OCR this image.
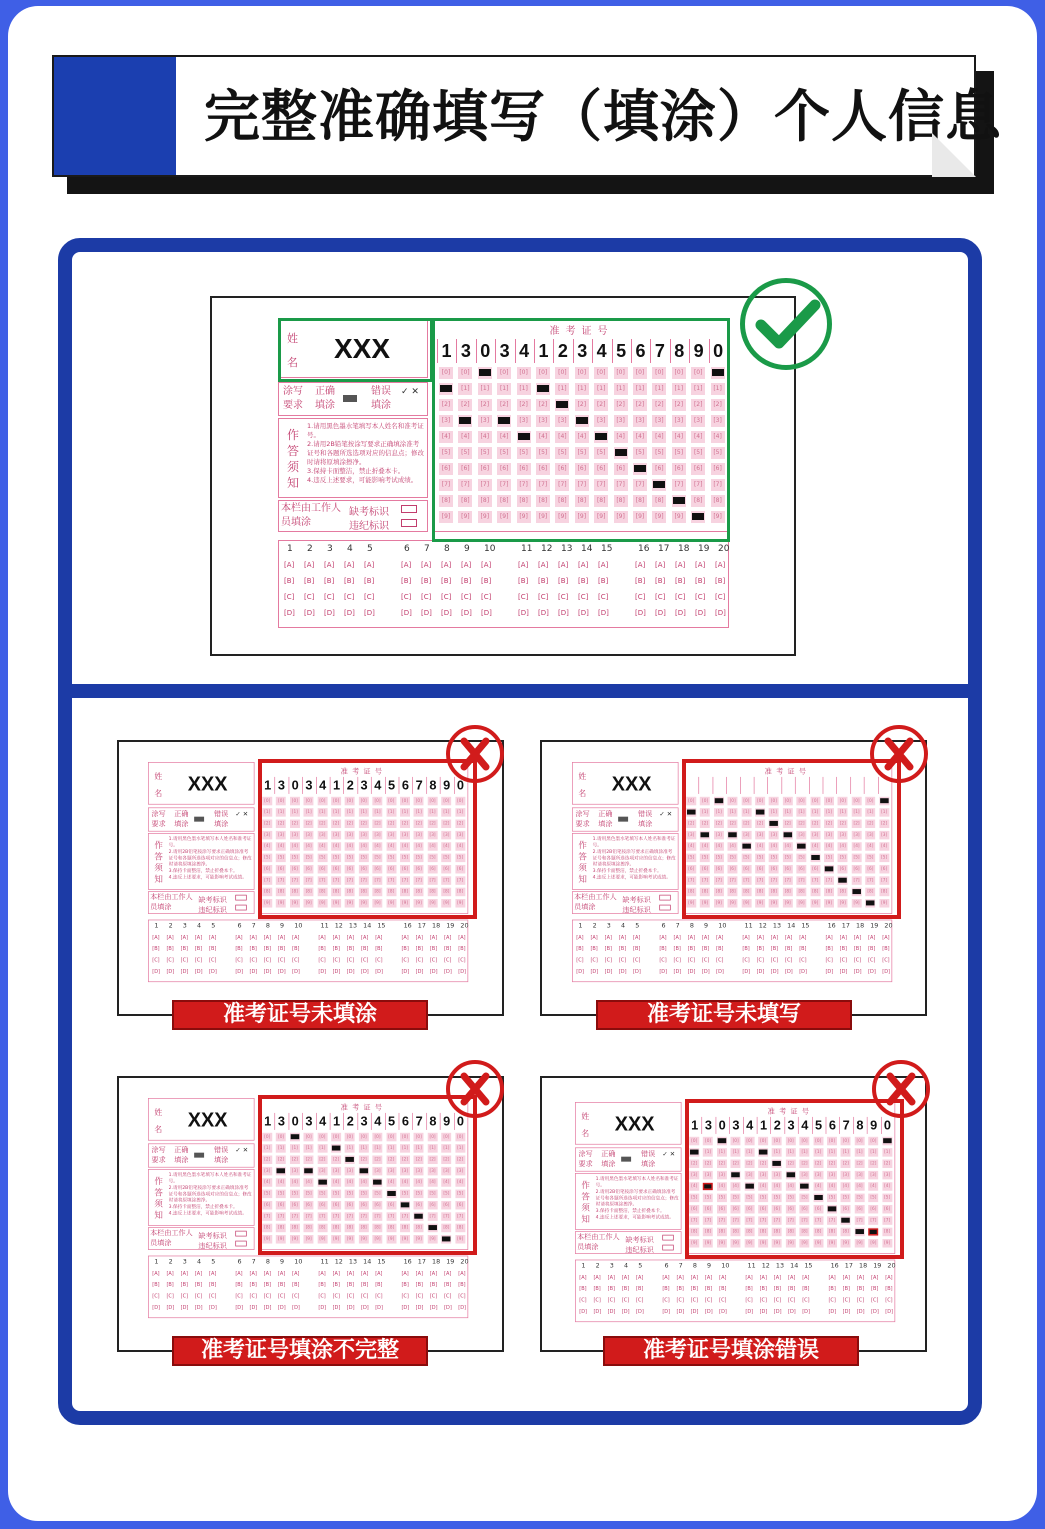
完整准确填写（填涂）个人信息
姓 名 XXX
涂写要求
正确填涂
错误填涂
✓ ✕
作答须知
1.请用黑色墨水笔填写本人姓名和准考证号。
2.请用2B铅笔按涂写要求正确填涂准考证号和各题所选选项对应的信息点；修改时请将原填涂擦净。
3.保持卡面整洁，禁止折叠本卡。
4.违反上述要求，可能影响考试成绩。
本栏由工作人员填涂
缺考标识
违纪标识
准考证号
1 3 0 3 4 1 2 3 4 5 6 7 8 9 0
[0]
[2]
[3]
[4]
[5]
[6]
[7]
[8]
[9]
[0]
[1]
[2]
[4]
[5]
[6]
[7]
[8]
[9]
[1]
[2]
[3]
[4]
[5]
[6]
[7]
[8]
[9]
[0]
[1]
[2]
[4]
[5]
[6]
[7]
[8]
[9]
[0]
[1]
[2]
[3]
[5]
[6]
[7]
[8]
[9]
[0]
[2]
[3]
[4]
[5]
[6]
[7]
[8]
[9]
[0]
[1]
[3]
[4]
[5]
[6]
[7]
[8]
[9]
[0]
[1]
[2]
[4]
[5]
[6]
[7]
[8]
[9]
[0]
[1]
[2]
[3]
[5]
[6]
[7]
[8]
[9]
[0]
[1]
[2]
[3]
[4]
[6]
[7]
[8]
[9]
[0]
[1]
[2]
[3]
[4]
[5]
[7]
[8]
[9]
[0]
[1]
[2]
[3]
[4]
[5]
[6]
[8]
[9]
[0]
[1]
[2]
[3]
[4]
[5]
[6]
[7]
[9]
[0]
[1]
[2]
[3]
[4]
[5]
[6]
[7]
[8]
[1]
[2]
[3]
[4]
[5]
[6]
[7]
[8]
[9]
1
[A]
[B]
[C]
[D]
2
[A]
[B]
[C]
[D]
3
[A]
[B]
[C]
[D]
4
[A]
[B]
[C]
[D]
5
[A]
[B]
[C]
[D]
6
[A]
[B]
[C]
[D]
7
[A]
[B]
[C]
[D]
8
[A]
[B]
[C]
[D]
9
[A]
[B]
[C]
[D]
10
[A]
[B]
[C]
[D]
11
[A]
[B]
[C]
[D]
12
[A]
[B]
[C]
[D]
13
[A]
[B]
[C]
[D]
14
[A]
[B]
[C]
[D]
15
[A]
[B]
[C]
[D]
16
[A]
[B]
[C]
[D]
17
[A]
[B]
[C]
[D]
18
[A]
[B]
[C]
[D]
19
[A]
[B]
[C]
[D]
20
[A]
[B]
[C]
[D]
姓 名 XXX
涂写要求
正确填涂
错误填涂
✓ ✕
作答须知
1.请用黑色墨水笔填写本人姓名和准考证号。
2.请用2B铅笔按涂写要求正确填涂准考证号和各题所选选项对应的信息点；修改时请将原填涂擦净。
3.保持卡面整洁，禁止折叠本卡。
4.违反上述要求，可能影响考试成绩。
本栏由工作人员填涂
缺考标识
违纪标识
准考证号
1 3 0 3 4 1 2 3 4 5 6 7 8 9 0
[0]
[1]
[2]
[3]
[4]
[5]
[6]
[7]
[8]
[9]
[0]
[1]
[2]
[3]
[4]
[5]
[6]
[7]
[8]
[9]
[0]
[1]
[2]
[3]
[4]
[5]
[6]
[7]
[8]
[9]
[0]
[1]
[2]
[3]
[4]
[5]
[6]
[7]
[8]
[9]
[0]
[1]
[2]
[3]
[4]
[5]
[6]
[7]
[8]
[9]
[0]
[1]
[2]
[3]
[4]
[5]
[6]
[7]
[8]
[9]
[0]
[1]
[2]
[3]
[4]
[5]
[6]
[7]
[8]
[9]
[0]
[1]
[2]
[3]
[4]
[5]
[6]
[7]
[8]
[9]
[0]
[1]
[2]
[3]
[4]
[5]
[6]
[7]
[8]
[9]
[0]
[1]
[2]
[3]
[4]
[5]
[6]
[7]
[8]
[9]
[0]
[1]
[2]
[3]
[4]
[5]
[6]
[7]
[8]
[9]
[0]
[1]
[2]
[3]
[4]
[5]
[6]
[7]
[8]
[9]
[0]
[1]
[2]
[3]
[4]
[5]
[6]
[7]
[8]
[9]
[0]
[1]
[2]
[3]
[4]
[5]
[6]
[7]
[8]
[9]
[0]
[1]
[2]
[3]
[4]
[5]
[6]
[7]
[8]
[9]
1
[A]
[B]
[C]
[D]
2
[A]
[B]
[C]
[D]
3
[A]
[B]
[C]
[D]
4
[A]
[B]
[C]
[D]
5
[A]
[B]
[C]
[D]
6
[A]
[B]
[C]
[D]
7
[A]
[B]
[C]
[D]
8
[A]
[B]
[C]
[D]
9
[A]
[B]
[C]
[D]
10
[A]
[B]
[C]
[D]
11
[A]
[B]
[C]
[D]
12
[A]
[B]
[C]
[D]
13
[A]
[B]
[C]
[D]
14
[A]
[B]
[C]
[D]
15
[A]
[B]
[C]
[D]
16
[A]
[B]
[C]
[D]
17
[A]
[B]
[C]
[D]
18
[A]
[B]
[C]
[D]
19
[A]
[B]
[C]
[D]
20
[A]
[B]
[C]
[D]
准考证号未填涂
姓 名 XXX
涂写要求
正确填涂
错误填涂
✓ ✕
作答须知
1.请用黑色墨水笔填写本人姓名和准考证号。
2.请用2B铅笔按涂写要求正确填涂准考证号和各题所选选项对应的信息点；修改时请将原填涂擦净。
3.保持卡面整洁，禁止折叠本卡。
4.违反上述要求，可能影响考试成绩。
本栏由工作人员填涂
缺考标识
违纪标识
准考证号
[0]
[2]
[3]
[4]
[5]
[6]
[7]
[8]
[9]
[0]
[1]
[2]
[4]
[5]
[6]
[7]
[8]
[9]
[1]
[2]
[3]
[4]
[5]
[6]
[7]
[8]
[9]
[0]
[1]
[2]
[4]
[5]
[6]
[7]
[8]
[9]
[0]
[1]
[2]
[3]
[5]
[6]
[7]
[8]
[9]
[0]
[2]
[3]
[4]
[5]
[6]
[7]
[8]
[9]
[0]
[1]
[3]
[4]
[5]
[6]
[7]
[8]
[9]
[0]
[1]
[2]
[4]
[5]
[6]
[7]
[8]
[9]
[0]
[1]
[2]
[3]
[5]
[6]
[7]
[8]
[9]
[0]
[1]
[2]
[3]
[4]
[6]
[7]
[8]
[9]
[0]
[1]
[2]
[3]
[4]
[5]
[7]
[8]
[9]
[0]
[1]
[2]
[3]
[4]
[5]
[6]
[8]
[9]
[0]
[1]
[2]
[3]
[4]
[5]
[6]
[7]
[9]
[0]
[1]
[2]
[3]
[4]
[5]
[6]
[7]
[8]
[1]
[2]
[3]
[4]
[5]
[6]
[7]
[8]
[9]
1
[A]
[B]
[C]
[D]
2
[A]
[B]
[C]
[D]
3
[A]
[B]
[C]
[D]
4
[A]
[B]
[C]
[D]
5
[A]
[B]
[C]
[D]
6
[A]
[B]
[C]
[D]
7
[A]
[B]
[C]
[D]
8
[A]
[B]
[C]
[D]
9
[A]
[B]
[C]
[D]
10
[A]
[B]
[C]
[D]
11
[A]
[B]
[C]
[D]
12
[A]
[B]
[C]
[D]
13
[A]
[B]
[C]
[D]
14
[A]
[B]
[C]
[D]
15
[A]
[B]
[C]
[D]
16
[A]
[B]
[C]
[D]
17
[A]
[B]
[C]
[D]
18
[A]
[B]
[C]
[D]
19
[A]
[B]
[C]
[D]
20
[A]
[B]
[C]
[D]
准考证号未填写
姓 名 XXX
涂写要求
正确填涂
错误填涂
✓ ✕
作答须知
1.请用黑色墨水笔填写本人姓名和准考证号。
2.请用2B铅笔按涂写要求正确填涂准考证号和各题所选选项对应的信息点；修改时请将原填涂擦净。
3.保持卡面整洁，禁止折叠本卡。
4.违反上述要求，可能影响考试成绩。
本栏由工作人员填涂
缺考标识
违纪标识
准考证号
1 3 0 3 4 1 2 3 4 5 6 7 8 9 0
[0]
[1]
[2]
[3]
[4]
[5]
[6]
[7]
[8]
[9]
[0]
[1]
[2]
[4]
[5]
[6]
[7]
[8]
[9]
[1]
[2]
[3]
[4]
[5]
[6]
[7]
[8]
[9]
[0]
[1]
[2]
[4]
[5]
[6]
[7]
[8]
[9]
[0]
[1]
[2]
[3]
[5]
[6]
[7]
[8]
[9]
[0]
[2]
[3]
[4]
[5]
[6]
[7]
[8]
[9]
[0]
[1]
[3]
[4]
[5]
[6]
[7]
[8]
[9]
[0]
[1]
[2]
[4]
[5]
[6]
[7]
[8]
[9]
[0]
[1]
[2]
[3]
[5]
[6]
[7]
[8]
[9]
[0]
[1]
[2]
[3]
[4]
[6]
[7]
[8]
[9]
[0]
[1]
[2]
[3]
[4]
[5]
[7]
[8]
[9]
[0]
[1]
[2]
[3]
[4]
[5]
[6]
[8]
[9]
[0]
[1]
[2]
[3]
[4]
[5]
[6]
[7]
[9]
[0]
[1]
[2]
[3]
[4]
[5]
[6]
[7]
[8]
[0]
[1]
[2]
[3]
[4]
[5]
[6]
[7]
[8]
[9]
1
[A]
[B]
[C]
[D]
2
[A]
[B]
[C]
[D]
3
[A]
[B]
[C]
[D]
4
[A]
[B]
[C]
[D]
5
[A]
[B]
[C]
[D]
6
[A]
[B]
[C]
[D]
7
[A]
[B]
[C]
[D]
8
[A]
[B]
[C]
[D]
9
[A]
[B]
[C]
[D]
10
[A]
[B]
[C]
[D]
11
[A]
[B]
[C]
[D]
12
[A]
[B]
[C]
[D]
13
[A]
[B]
[C]
[D]
14
[A]
[B]
[C]
[D]
15
[A]
[B]
[C]
[D]
16
[A]
[B]
[C]
[D]
17
[A]
[B]
[C]
[D]
18
[A]
[B]
[C]
[D]
19
[A]
[B]
[C]
[D]
20
[A]
[B]
[C]
[D]
准考证号填涂不完整
姓 名 XXX
涂写要求
正确填涂
错误填涂
✓ ✕
作答须知
1.请用黑色墨水笔填写本人姓名和准考证号。
2.请用2B铅笔按涂写要求正确填涂准考证号和各题所选选项对应的信息点；修改时请将原填涂擦净。
3.保持卡面整洁，禁止折叠本卡。
4.违反上述要求，可能影响考试成绩。
本栏由工作人员填涂
缺考标识
违纪标识
准考证号
1 3 0 3 4 1 2 3 4 5 6 7 8 9 0
[0]
[2]
[3]
[4]
[5]
[6]
[7]
[8]
[9]
[0]
[1]
[2]
[3]
[5]
[6]
[7]
[8]
[9]
[1]
[2]
[3]
[4]
[5]
[6]
[7]
[8]
[9]
[0]
[1]
[2]
[4]
[5]
[6]
[7]
[8]
[9]
[0]
[1]
[2]
[3]
[5]
[6]
[7]
[8]
[9]
[0]
[2]
[3]
[4]
[5]
[6]
[7]
[8]
[9]
[0]
[1]
[3]
[4]
[5]
[6]
[7]
[8]
[9]
[0]
[1]
[2]
[4]
[5]
[6]
[7]
[8]
[9]
[0]
[1]
[2]
[3]
[5]
[6]
[7]
[8]
[9]
[0]
[1]
[2]
[3]
[4]
[6]
[7]
[8]
[9]
[0]
[1]
[2]
[3]
[4]
[5]
[7]
[8]
[9]
[0]
[1]
[2]
[3]
[4]
[5]
[6]
[8]
[9]
[0]
[1]
[2]
[3]
[4]
[5]
[6]
[7]
[9]
[0]
[1]
[2]
[3]
[4]
[5]
[6]
[7]
[9]
[1]
[2]
[3]
[4]
[5]
[6]
[7]
[8]
[9]
1
[A]
[B]
[C]
[D]
2
[A]
[B]
[C]
[D]
3
[A]
[B]
[C]
[D]
4
[A]
[B]
[C]
[D]
5
[A]
[B]
[C]
[D]
6
[A]
[B]
[C]
[D]
7
[A]
[B]
[C]
[D]
8
[A]
[B]
[C]
[D]
9
[A]
[B]
[C]
[D]
10
[A]
[B]
[C]
[D]
11
[A]
[B]
[C]
[D]
12
[A]
[B]
[C]
[D]
13
[A]
[B]
[C]
[D]
14
[A]
[B]
[C]
[D]
15
[A]
[B]
[C]
[D]
16
[A]
[B]
[C]
[D]
17
[A]
[B]
[C]
[D]
18
[A]
[B]
[C]
[D]
19
[A]
[B]
[C]
[D]
20
[A]
[B]
[C]
[D]
准考证号填涂错误
